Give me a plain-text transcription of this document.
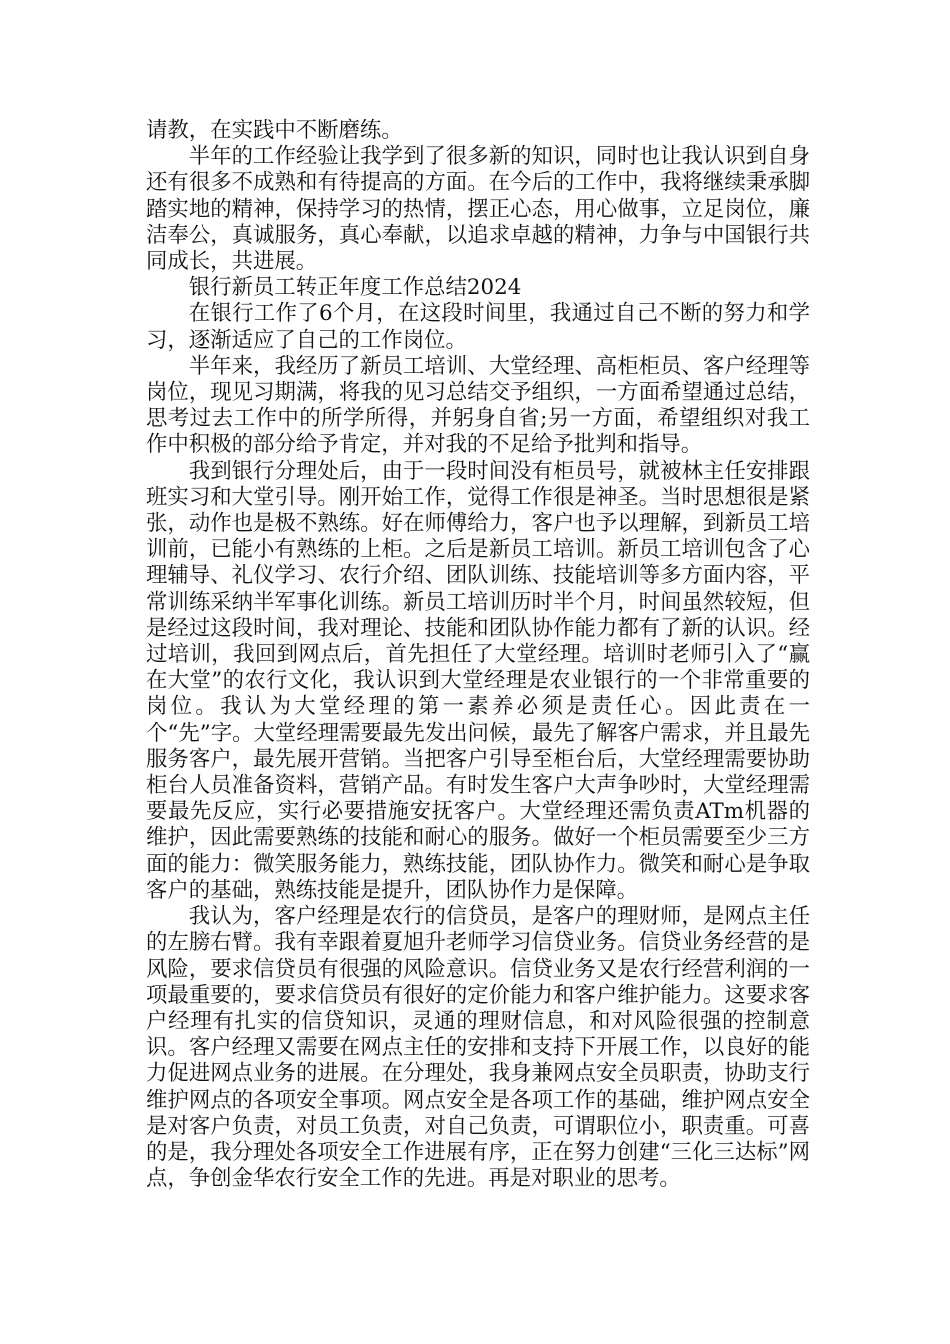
请教，在实践中不断磨练。

半年的工作经验让我学到了很多新的知识，同时也让我认识到自身还有很多不成熟和有待提高的方面。在今后的工作中，我将继续秉承脚踏实地的精神，保持学习的热情，摆正心态，用心做事，立足岗位，廉洁奉公，真诚服务，真心奉献，以追求卓越的精神，力争与中国银行共同成长，共进展。

银行新员工转正年度工作总结2024

在银行工作了6个月，在这段时间里，我通过自己不断的努力和学习，逐渐适应了自己的工作岗位。

半年来，我经历了新员工培训、大堂经理、高柜柜员、客户经理等岗位，现见习期满，将我的见习总结交予组织，一方面希望通过总结，思考过去工作中的所学所得，并躬身自省;另一方面，希望组织对我工作中积极的部分给予肯定，并对我的不足给予批判和指导。

我到银行分理处后，由于一段时间没有柜员号，就被林主任安排跟班实习和大堂引导。刚开始工作，觉得工作很是神圣。当时思想很是紧张，动作也是极不熟练。好在师傅给力，客户也予以理解，到新员工培训前，已能小有熟练的上柜。之后是新员工培训。新员工培训包含了心理辅导、礼仪学习、农行介绍、团队训练、技能培训等多方面内容，平常训练采纳半军事化训练。新员工培训历时半个月，时间虽然较短，但是经过这段时间，我对理论、技能和团队协作能力都有了新的认识。经过培训，我回到网点后，首先担任了大堂经理。培训时老师引入了“赢在大堂”的农行文化，我认识到大堂经理是农业银行的一个非常重要的岗位。我认为大堂经理的第一素养必须是责任心。因此责在一个“先”字。大堂经理需要最先发出问候，最先了解客户需求，并且最先服务客户，最先展开营销。当把客户引导至柜台后，大堂经理需要协助柜台人员准备资料，营销产品。有时发生客户大声争吵时，大堂经理需要最先反应，实行必要措施安抚客户。大堂经理还需负责ATm机器的维护，因此需要熟练的技能和耐心的服务。做好一个柜员需要至少三方面的能力：微笑服务能力，熟练技能，团队协作力。微笑和耐心是争取客户的基础，熟练技能是提升，团队协作力是保障。

我认为，客户经理是农行的信贷员，是客户的理财师，是网点主任的左膀右臂。我有幸跟着夏旭升老师学习信贷业务。信贷业务经营的是风险，要求信贷员有很强的风险意识。信贷业务又是农行经营利润的一项最重要的，要求信贷员有很好的定价能力和客户维护能力。这要求客户经理有扎实的信贷知识，灵通的理财信息，和对风险很强的控制意识。客户经理又需要在网点主任的安排和支持下开展工作，以良好的能力促进网点业务的进展。在分理处，我身兼网点安全员职责，协助支行维护网点的各项安全事项。网点安全是各项工作的基础，维护网点安全是对客户负责，对员工负责，对自己负责，可谓职位小，职责重。可喜的是，我分理处各项安全工作进展有序，正在努力创建“三化三达标”网点，争创金华农行安全工作的先进。再是对职业的思考。
